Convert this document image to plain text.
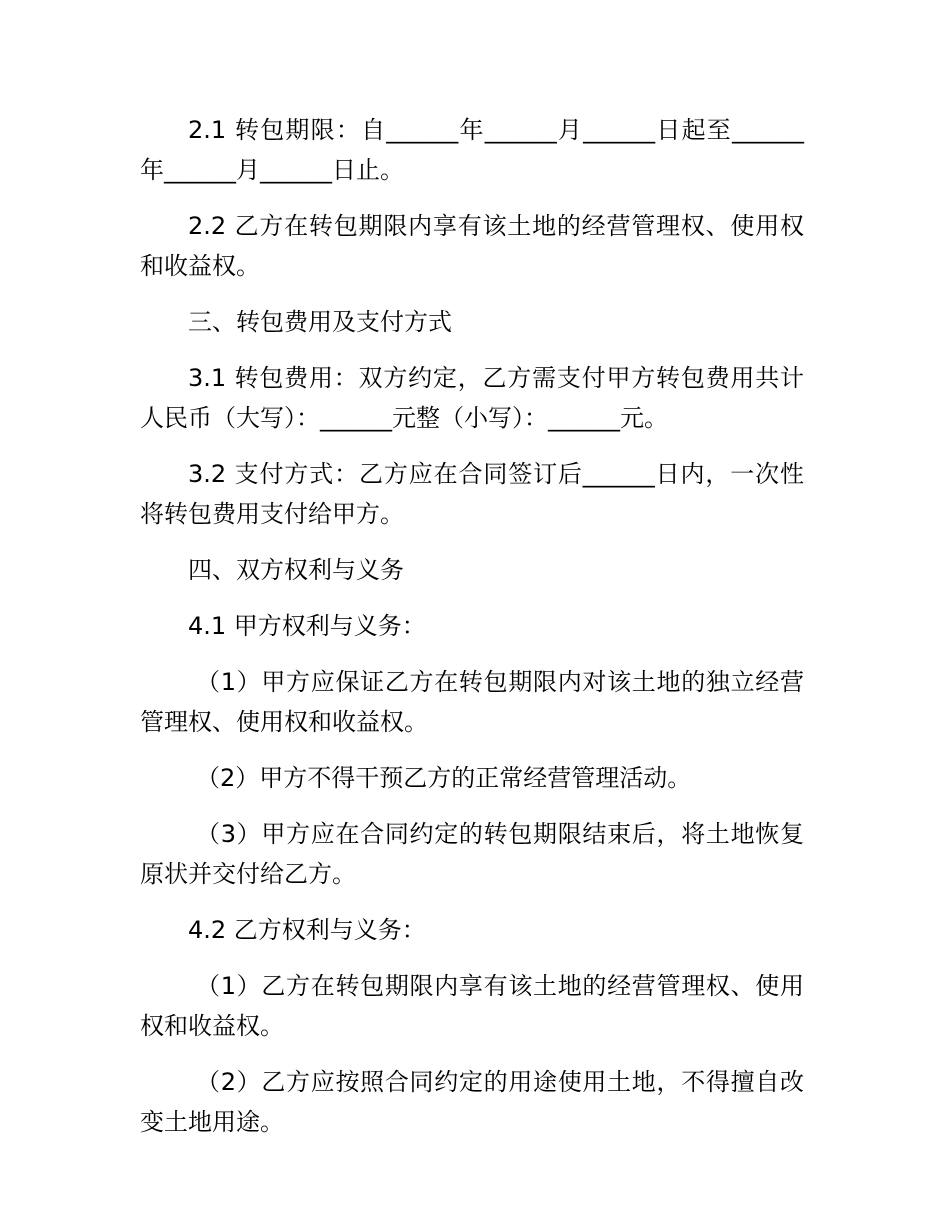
2.1 转包期限：自______年______月______日起至______年______月______日止。

2.2 乙方在转包期限内享有该土地的经营管理权、使用权和收益权。

三、转包费用及支付方式

3.1 转包费用：双方约定，乙方需支付甲方转包费用共计人民币（大写）：______元整（小写）：______元。

3.2 支付方式：乙方应在合同签订后______日内，一次性将转包费用支付给甲方。

四、双方权利与义务

4.1 甲方权利与义务：

（1）甲方应保证乙方在转包期限内对该土地的独立经营管理权、使用权和收益权。

（2）甲方不得干预乙方的正常经营管理活动。

（3）甲方应在合同约定的转包期限结束后，将土地恢复原状并交付给乙方。

4.2 乙方权利与义务：

（1）乙方在转包期限内享有该土地的经营管理权、使用权和收益权。

（2）乙方应按照合同约定的用途使用土地，不得擅自改变土地用途。
